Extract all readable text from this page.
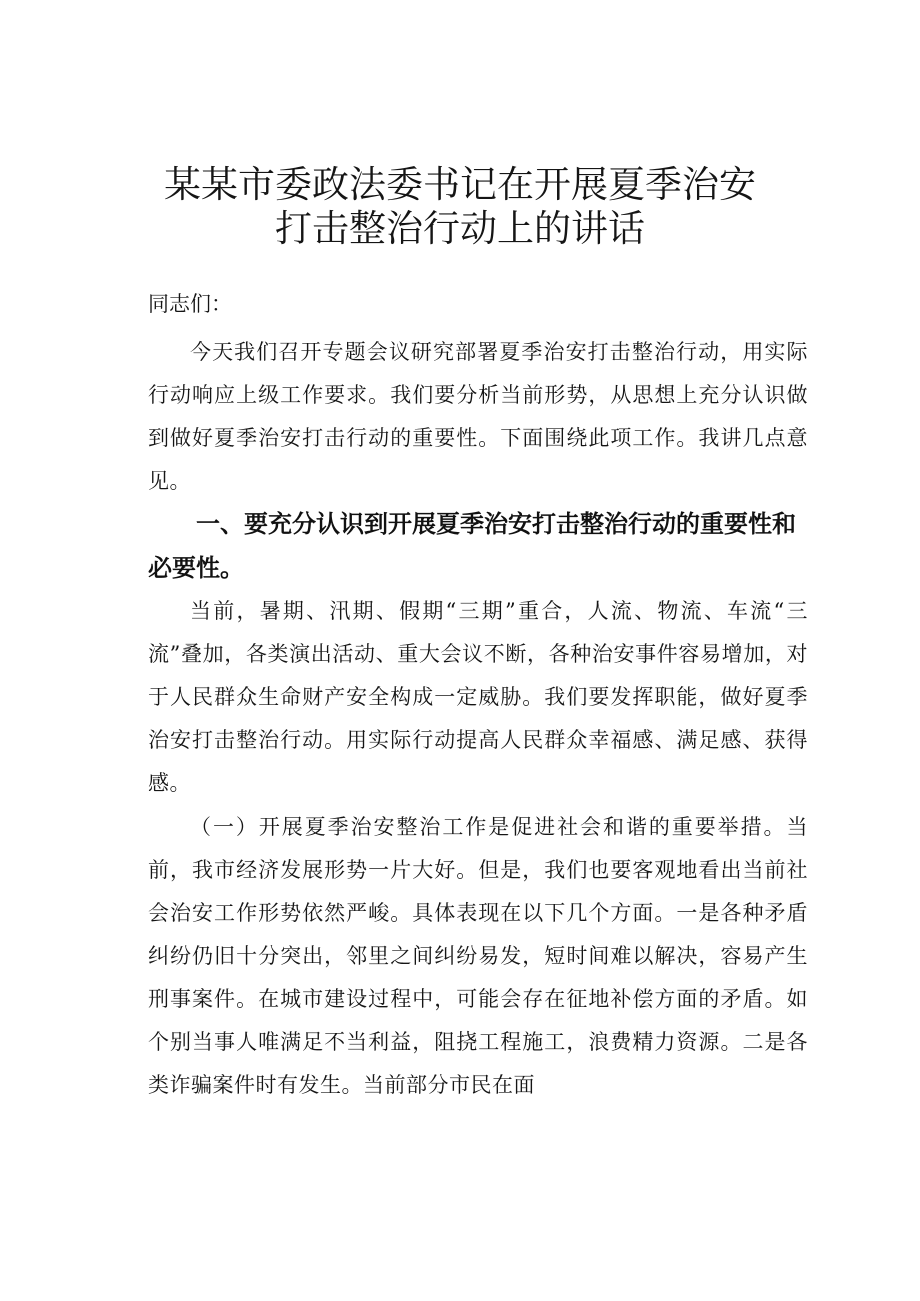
某某市委政法委书记在开展夏季治安
打击整治行动上的讲话
同志们：

今天我们召开专题会议研究部署夏季治安打击整治行动，用实际行动响应上级工作要求。我们要分析当前形势，从思想上充分认识做到做好夏季治安打击行动的重要性。下面围绕此项工作。我讲几点意见。

一、要充分认识到开展夏季治安打击整治行动的重要性和必要性。

当前，暑期、汛期、假期“三期”重合，人流、物流、车流“三流”叠加，各类演出活动、重大会议不断，各种治安事件容易增加，对于人民群众生命财产安全构成一定威胁。我们要发挥职能，做好夏季治安打击整治行动。用实际行动提高人民群众幸福感、满足感、获得感。

（一）开展夏季治安整治工作是促进社会和谐的重要举措。当前，我市经济发展形势一片大好。但是，我们也要客观地看出当前社会治安工作形势依然严峻。具体表现在以下几个方面。一是各种矛盾纠纷仍旧十分突出，邻里之间纠纷易发，短时间难以解决，容易产生刑事案件。在城市建设过程中，可能会存在征地补偿方面的矛盾。如个别当事人唯满足不当利益，阻挠工程施工，浪费精力资源。二是各类诈骗案件时有发生。当前部分市民在面
